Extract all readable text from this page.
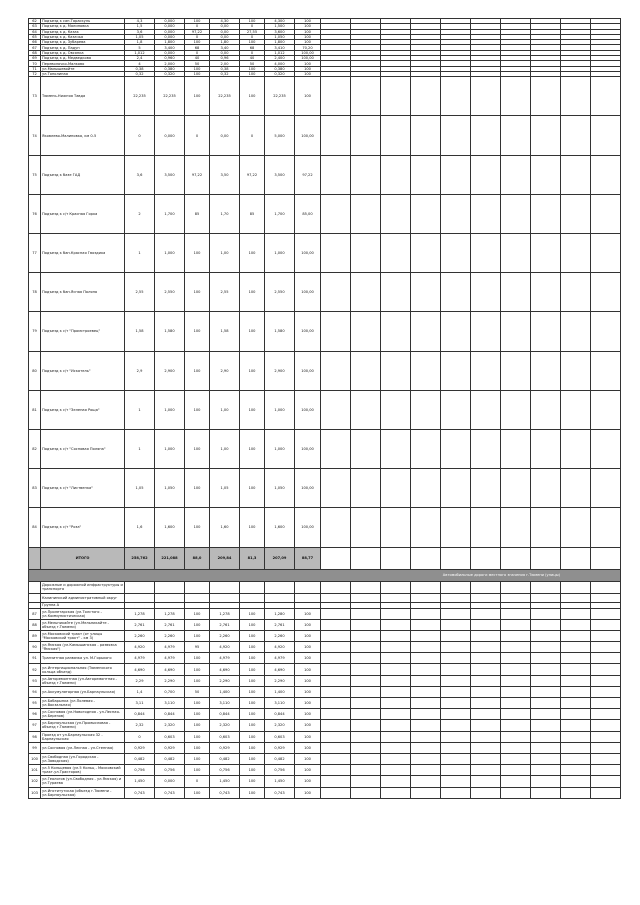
62	Подъезд к сан.Тараскуль	4,3	0,000	100	4,30	100	4,300	100										
63	Подъезд к д. Малиновка	1,5	0,000	0	0,00	0	1,500	100										
64	Подъезд к д. Казак	3,6	0,000	97,22	0,00	27,55	3,600	100										
65	Подъезд к д. Казачья	1,05	0,000	0	0,00	0	1,050	100										
66	Подъезд к д. Зубарева	1,8	1,800	100	1,80	100	1,800	100										
67	Подъезд к д. Падун	5	3,400	68	3,40	68	3,410	70,20										
68	Подъезд к д. Овсянка	1,012	0,000	0	0,00	0	1,012	100,00										
69	Подъезд к д. Медведкова	2,4	0,960	40	0,96	40	2,400	100,00										
70	Переволочко-Малково	4	2,000	50	2,00	50	4,000	100										
71	ул.Малышевойте	0,38	0,380	100	0,38	100	0,380	100										
72	ул.Тополиная	0,32	0,320	100	0,32	100	0,320	100										
73	Тюмень-Нижняя Тавда	22,235	22,235	100	22,235	100	22,235	100										
74	Яковлево-Малиновка, км 0-5	0	0,000	0	0,00	0	5,000	100,00										
75	Подъезд к базе ГАД	3,6	3,500	97,22	3,50	97,22	3,500	97,22										
76	Подъезд к с/т Красная Горка	2	1,700	85	1,70	85	1,700	85,00										
77	Подъезд к бан.Красная Гвоздика	1	1,000	100	1,00	100	1,000	100,00										
78	Подъезд к бан.Ясная Поляна	2,55	2,550	100	2,55	100	2,550	100,00										
79	Подъезд к с/т "Промстроевец"	1,58	1,580	100	1,58	100	1,580	100,00										
80	Подъезд к с/т "Искатель"	2,9	2,900	100	2,90	100	2,900	100,00										
81	Подъезд к с/т "Зеленая Роща"	1	1,000	100	1,00	100	1,000	100,00										
82	Подъезд к с/т "Сосновая Поляна"	1	1,000	100	1,00	100	1,000	100,00										
83	Подъезд к с/т "Лиственка"	1,05	1,050	100	1,05	100	1,050	100,00										
84	Подъезд к с/т "Роза"	1,6	1,600	100	1,60	100	1,600	100,00										
	ИТОГО	258,762	221,088	88,0	209,84	81,3	207,09	88,77										
Автомобильные дороги местного значения г.Тюмени (улицы)																		
	Дорожные и дорожной инфраструктуры и транспорта																	
	Калининский административный округ																	
	Группа А																	
87	ул.Пролетарская (ул.Толстого - ул.Коммунистическая)	1,278	1,278	100	1,278	100	1,280	100										
88	ул.Мельникайте (ул.Мельникайте - объезд г.Тюмени)	2,761	2,761	100	2,761	100	2,761	100										
89	ул.Московский тракт (от улицы "Московский тракт" - км 3)	2,260	2,260	100	2,260	100	2,260	100										
90	ул.Ямская (ул.Камышинская - развязка "Ямская")	4,920	4,979	95	4,920	100	4,920	100										
91	Транзитная развязка ул. М.Горького	4,979	4,979	100	4,979	100	4,979	100										
92	ул.Интернациональная (Тюменского кольца объезд)	4,690	4,690	100	4,690	100	4,690	100										
93	ул.Авторемонтная (ул.Авторемонтная - объезд г.Тюмени)	2,29	2,290	100	2,290	100	2,290	100										
94	ул.Аккумуляторная (ул.Барнаульская)	1,4	0,700	50	1,400	100	1,400	100										
95	ул.Бабарынка (ул.Полевая - ул.Вокзальная)	3,11	3,110	100	3,110	100	3,110	100										
96	ул.Сосновая (ул.Новогодняя - ул.Лесная-ул.Березов)	0,844	0,844	100	0,844	100	0,844	100										
97	ул.Барнаульская (ул.Промысловая - объезд г.Тюмени)	2,32	2,320	100	2,320	100	2,320	100										
98	Проезд от ул.Барнаульская 32 - Барнаульская	0	0,603	100	0,603	100	0,603	100										
99	ул.Сосновая (ул.Лесная - ул.Степная)	0,929	0,929	100	0,929	100	0,929	100										
100	ул.Свободная (ул.Городская - ул.Заводская)	0,482	0,482	100	0,482	100	0,482	100										
101	ул.5 Кольцевая (ул.5 Кольц - Московский тракт-ул.Тракторов)	0,756	0,756	100	0,756	100	0,756	100										
102	ул.Геологов (ул.Свободная - ул.Ямская) и ул.Тураева	1,450	0,000	0	1,450	100	1,450	100										
103	ул.Институтская (объезд г.Тюмени - ул.Барнаульская)	0,743	0,743	100	0,743	100	0,743	100										
